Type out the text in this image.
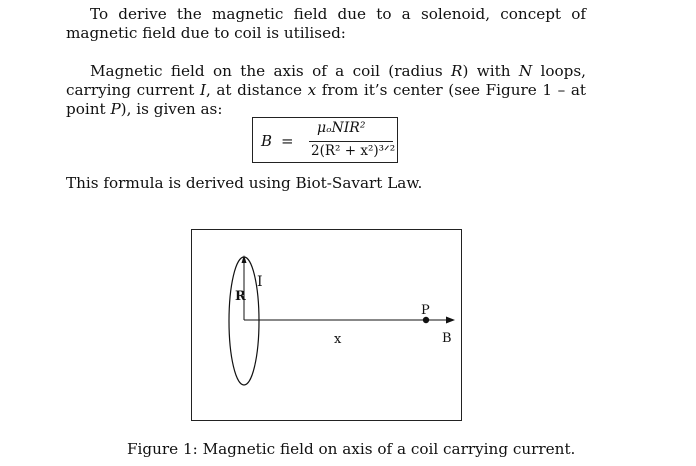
To derive the magnetic field due to a solenoid, concept of magnetic field due to coil is utilised:

Magnetic field on the axis of a coil (radius R) with N loops, carrying current I, at distance x from it’s center (see Figure 1 – at point P), is given as:

B =
μₒNIR²
2(R² + x²)³ᐟ²

This formula is derived using Biot-Savart Law.

I
R
P
x	B

Figure 1: Magnetic field on axis of a coil carrying current.
